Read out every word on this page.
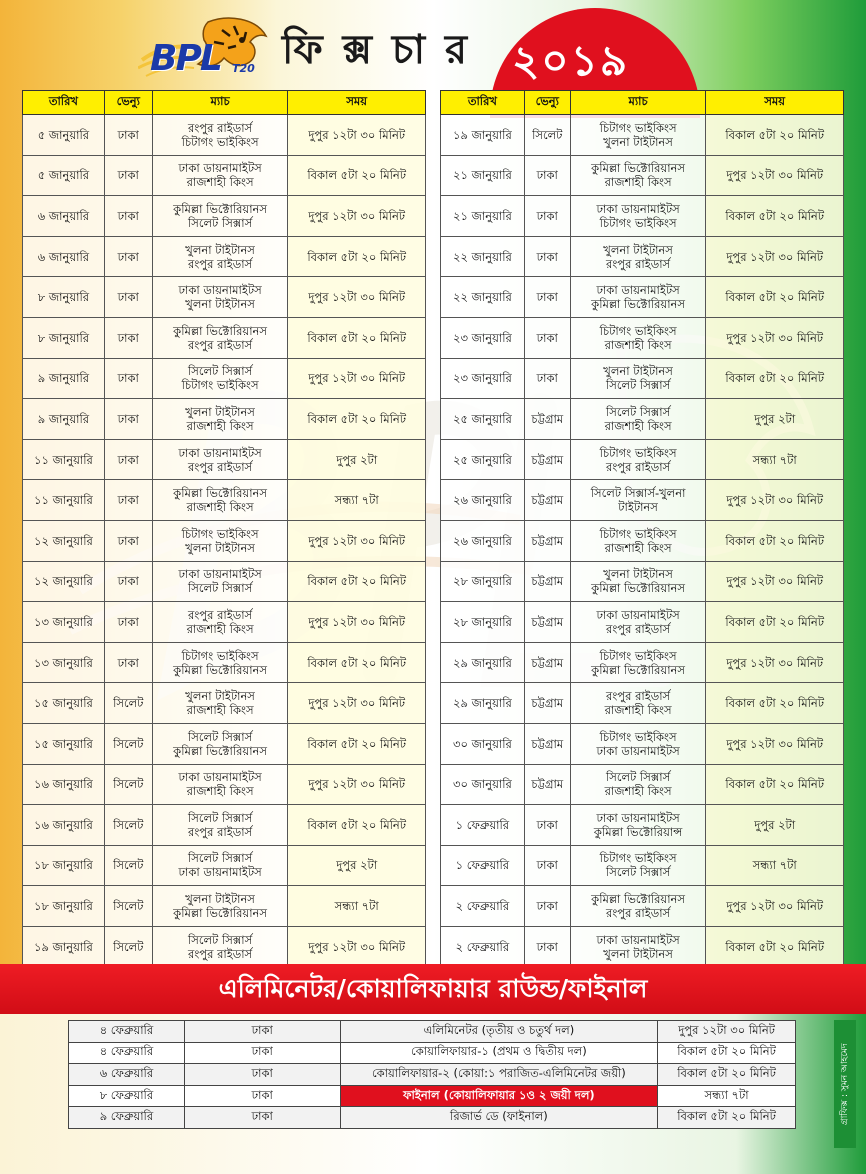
BPL T20 ফি ক্স চা র ২০১৯
তারিখ	ভেন্যু	ম্যাচ	সময়
৫ জানুয়ারি	ঢাকা	রংপুর রাইডার্স
চিটাগং ভাইকিংস	দুপুর ১২টা ৩০ মিনিট
৫ জানুয়ারি	ঢাকা	ঢাকা ডায়নামাইটস
রাজশাহী কিংস	বিকাল ৫টা ২০ মিনিট
৬ জানুয়ারি	ঢাকা	কুমিল্লা ভিক্টোরিয়ানস
সিলেট সিক্সার্স	দুপুর ১২টা ৩০ মিনিট
৬ জানুয়ারি	ঢাকা	খুলনা টাইটানস
রংপুর রাইডার্স	বিকাল ৫টা ২০ মিনিট
৮ জানুয়ারি	ঢাকা	ঢাকা ডায়নামাইটস
খুলনা টাইটানস	দুপুর ১২টা ৩০ মিনিট
৮ জানুয়ারি	ঢাকা	কুমিল্লা ভিক্টোরিয়ানস
রংপুর রাইডার্স	বিকাল ৫টা ২০ মিনিট
৯ জানুয়ারি	ঢাকা	সিলেট সিক্সার্স
চিটাগং ভাইকিংস	দুপুর ১২টা ৩০ মিনিট
৯ জানুয়ারি	ঢাকা	খুলনা টাইটানস
রাজশাহী কিংস	বিকাল ৫টা ২০ মিনিট
১১ জানুয়ারি	ঢাকা	ঢাকা ডায়নামাইটস
রংপুর রাইডার্স	দুপুর ২টা
১১ জানুয়ারি	ঢাকা	কুমিল্লা ভিক্টোরিয়ানস
রাজশাহী কিংস	সন্ধ্যা ৭টা
১২ জানুয়ারি	ঢাকা	চিটাগং ভাইকিংস
খুলনা টাইটানস	দুপুর ১২টা ৩০ মিনিট
১২ জানুয়ারি	ঢাকা	ঢাকা ডায়নামাইটস
সিলেট সিক্সার্স	বিকাল ৫টা ২০ মিনিট
১৩ জানুয়ারি	ঢাকা	রংপুর রাইডার্স
রাজশাহী কিংস	দুপুর ১২টা ৩০ মিনিট
১৩ জানুয়ারি	ঢাকা	চিটাগং ভাইকিংস
কুমিল্লা ভিক্টোরিয়ানস	বিকাল ৫টা ২০ মিনিট
১৫ জানুয়ারি	সিলেট	খুলনা টাইটানস
রাজশাহী কিংস	দুপুর ১২টা ৩০ মিনিট
১৫ জানুয়ারি	সিলেট	সিলেট সিক্সার্স
কুমিল্লা ভিক্টোরিয়ানস	বিকাল ৫টা ২০ মিনিট
১৬ জানুয়ারি	সিলেট	ঢাকা ডায়নামাইটস
রাজশাহী কিংস	দুপুর ১২টা ৩০ মিনিট
১৬ জানুয়ারি	সিলেট	সিলেট সিক্সার্স
রংপুর রাইডার্স	বিকাল ৫টা ২০ মিনিট
১৮ জানুয়ারি	সিলেট	সিলেট সিক্সার্স
ঢাকা ডায়নামাইটস	দুপুর ২টা
১৮ জানুয়ারি	সিলেট	খুলনা টাইটানস
কুমিল্লা ভিক্টোরিয়ানস	সন্ধ্যা ৭টা
১৯ জানুয়ারি	সিলেট	সিলেট সিক্সার্স
রংপুর রাইডার্স	দুপুর ১২টা ৩০ মিনিট
তারিখ	ভেন্যু	ম্যাচ	সময়
১৯ জানুয়ারি	সিলেট	চিটাগং ভাইকিংস
খুলনা টাইটানস	বিকাল ৫টা ২০ মিনিট
২১ জানুয়ারি	ঢাকা	কুমিল্লা ভিক্টোরিয়ানস
রাজশাহী কিংস	দুপুর ১২টা ৩০ মিনিট
২১ জানুয়ারি	ঢাকা	ঢাকা ডায়নামাইটস
চিটাগং ভাইকিংস	বিকাল ৫টা ২০ মিনিট
২২ জানুয়ারি	ঢাকা	খুলনা টাইটানস
রংপুর রাইডার্স	দুপুর ১২টা ৩০ মিনিট
২২ জানুয়ারি	ঢাকা	ঢাকা ডায়নামাইটস
কুমিল্লা ভিক্টোরিয়ানস	বিকাল ৫টা ২০ মিনিট
২৩ জানুয়ারি	ঢাকা	চিটাগং ভাইকিংস
রাজশাহী কিংস	দুপুর ১২টা ৩০ মিনিট
২৩ জানুয়ারি	ঢাকা	খুলনা টাইটানস
সিলেট সিক্সার্স	বিকাল ৫টা ২০ মিনিট
২৫ জানুয়ারি	চট্টগ্রাম	সিলেট সিক্সার্স
রাজশাহী কিংস	দুপুর ২টা
২৫ জানুয়ারি	চট্টগ্রাম	চিটাগং ভাইকিংস
রংপুর রাইডার্স	সন্ধ্যা ৭টা
২৬ জানুয়ারি	চট্টগ্রাম	সিলেট সিক্সার্স-খুলনা
টাইটানস	দুপুর ১২টা ৩০ মিনিট
২৬ জানুয়ারি	চট্টগ্রাম	চিটাগং ভাইকিংস
রাজশাহী কিংস	বিকাল ৫টা ২০ মিনিট
২৮ জানুয়ারি	চট্টগ্রাম	খুলনা টাইটানস
কুমিল্লা ভিক্টোরিয়ানস	দুপুর ১২টা ৩০ মিনিট
২৮ জানুয়ারি	চট্টগ্রাম	ঢাকা ডায়নামাইটস
রংপুর রাইডার্স	বিকাল ৫টা ২০ মিনিট
২৯ জানুয়ারি	চট্টগ্রাম	চিটাগং ভাইকিংস
কুমিল্লা ভিক্টোরিয়ানস	দুপুর ১২টা ৩০ মিনিট
২৯ জানুয়ারি	চট্টগ্রাম	রংপুর রাইডার্স
রাজশাহী কিংস	বিকাল ৫টা ২০ মিনিট
৩০ জানুয়ারি	চট্টগ্রাম	চিটাগং ভাইকিংস
ঢাকা ডায়নামাইটস	দুপুর ১২টা ৩০ মিনিট
৩০ জানুয়ারি	চট্টগ্রাম	সিলেট সিক্সার্স
রাজশাহী কিংস	বিকাল ৫টা ২০ মিনিট
১ ফেব্রুয়ারি	ঢাকা	ঢাকা ডায়নামাইটস
কুমিল্লা ভিক্টোরিয়ান্স	দুপুর ২টা
১ ফেব্রুয়ারি	ঢাকা	চিটাগং ভাইকিংস
সিলেট সিক্সার্স	সন্ধ্যা ৭টা
২ ফেব্রুয়ারি	ঢাকা	কুমিল্লা ভিক্টোরিয়ানস
রংপুর রাইডার্স	দুপুর ১২টা ৩০ মিনিট
২ ফেব্রুয়ারি	ঢাকা	ঢাকা ডায়নামাইটস
খুলনা টাইটানস	বিকাল ৫টা ২০ মিনিট
এলিমিনেটর/কোয়ালিফায়ার রাউন্ড/ফাইনাল
৪ ফেব্রুয়ারি	ঢাকা	এলিমিনেটর (তৃতীয় ও চতুর্থ দল)	দুপুর ১২টা ৩০ মিনিট
৪ ফেব্রুয়ারি	ঢাকা	কোয়ালিফায়ার-১ (প্রথম ও দ্বিতীয় দল)	বিকাল ৫টা ২০ মিনিট
৬ ফেব্রুয়ারি	ঢাকা	কোয়ালিফায়ার-২ (কোয়া:১ পরাজিত-এলিমিনেটর জয়ী)	বিকাল ৫টা ২০ মিনিট
৮ ফেব্রুয়ারি	ঢাকা	ফাইনাল (কোয়ালিফায়ার ১ও ২ জয়ী দল)	সন্ধ্যা ৭টা
৯ ফেব্রুয়ারি	ঢাকা	রিজার্ভ ডে (ফাইনাল)	বিকাল ৫টা ২০ মিনিট	গ্রাফিক্স : সুমন আহমেদ
